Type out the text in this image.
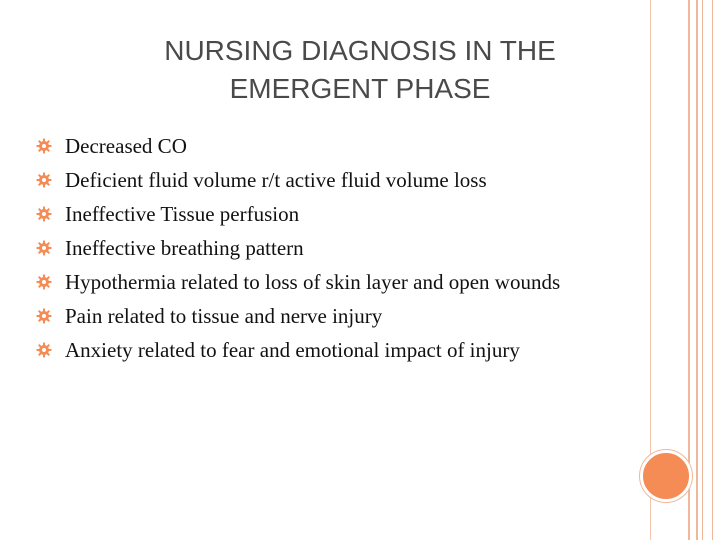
NURSING DIAGNOSIS IN THE
EMERGENT PHASE
Decreased CO
Deficient fluid volume r/t active fluid volume loss
Ineffective Tissue perfusion
Ineffective breathing pattern
Hypothermia related to loss of skin layer and open wounds
Pain related to tissue and nerve injury
Anxiety related to fear and emotional impact of injury
